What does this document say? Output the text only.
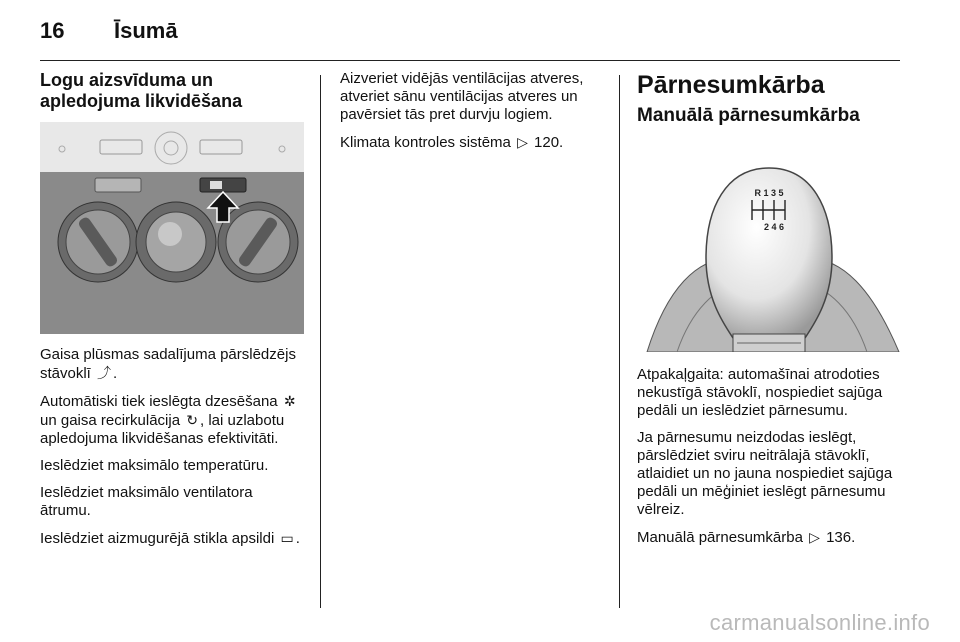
16 Īsumā
Logu aizsvīduma un apledojuma likvidēšana

Gaisa plūsmas sadalījuma pārslēdzējs stāvoklī ⤴ .

Automātiski tiek ieslēgta dzesēšana ✲ un gaisa recirkulācija ↻ , lai uzlabotu apledojuma likvidēšanas efektivitāti.

Ieslēdziet maksimālo temperatūru.

Ieslēdziet maksimālo ventilatora ātrumu.

Ieslēdziet aizmugurējā stikla apsildi ▭ .

Aizveriet vidējās ventilācijas atveres, atveriet sānu ventilācijas atveres un pavērsiet tās pret durvju logiem.

Klimata kontroles sistēma ▷ 120.

Pārnesumkārba
Manuālā pārnesumkārba
R 1 3 5
2 4 6

Atpakaļgaita: automašīnai atrodoties nekustīgā stāvoklī, nospiediet sajūga pedāli un ieslēdziet pārnesumu.

Ja pārnesumu neizdodas ieslēgt, pārslēdziet sviru neitrālajā stāvoklī, atlaidiet un no jauna nospiediet sajūga pedāli un mēģiniet ieslēgt pārnesumu vēlreiz.

Manuālā pārnesumkārba ▷ 136.

carmanualsonline.info
